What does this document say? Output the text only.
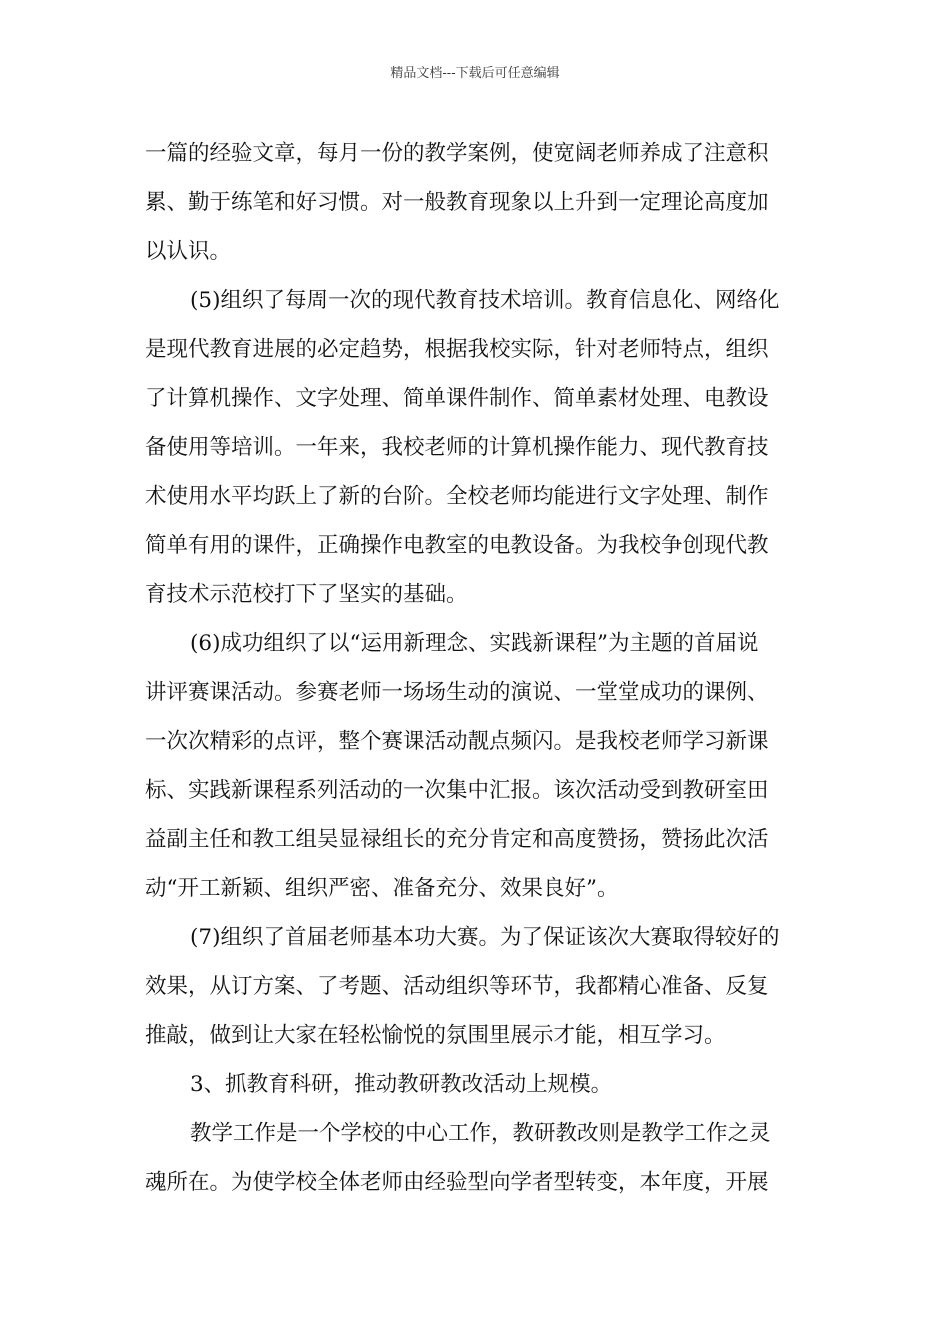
精品文档---下载后可任意编辑
一篇的经验文章，每月一份的教学案例，使宽阔老师养成了注意积
累、勤于练笔和好习惯。对一般教育现象以上升到一定理论高度加
以认识。
(5)组织了每周一次的现代教育技术培训。教育信息化、网络化
是现代教育进展的必定趋势，根据我校实际，针对老师特点，组织
了计算机操作、文字处理、简单课件制作、简单素材处理、电教设
备使用等培训。一年来，我校老师的计算机操作能力、现代教育技
术使用水平均跃上了新的台阶。全校老师均能进行文字处理、制作
简单有用的课件，正确操作电教室的电教设备。为我校争创现代教
育技术示范校打下了坚实的基础。
(6)成功组织了以“运用新理念、实践新课程”为主题的首届说
讲评赛课活动。参赛老师一场场生动的演说、一堂堂成功的课例、
一次次精彩的点评，整个赛课活动靓点频闪。是我校老师学习新课
标、实践新课程系列活动的一次集中汇报。该次活动受到教研室田
益副主任和教工组吴显禄组长的充分肯定和高度赞扬，赞扬此次活
动“开工新颖、组织严密、准备充分、效果良好”。
(7)组织了首届老师基本功大赛。为了保证该次大赛取得较好的
效果，从订方案、了考题、活动组织等环节，我都精心准备、反复
推敲，做到让大家在轻松愉悦的氛围里展示才能，相互学习。
3、抓教育科研，推动教研教改活动上规模。
教学工作是一个学校的中心工作，教研教改则是教学工作之灵
魂所在。为使学校全体老师由经验型向学者型转变，本年度，开展
